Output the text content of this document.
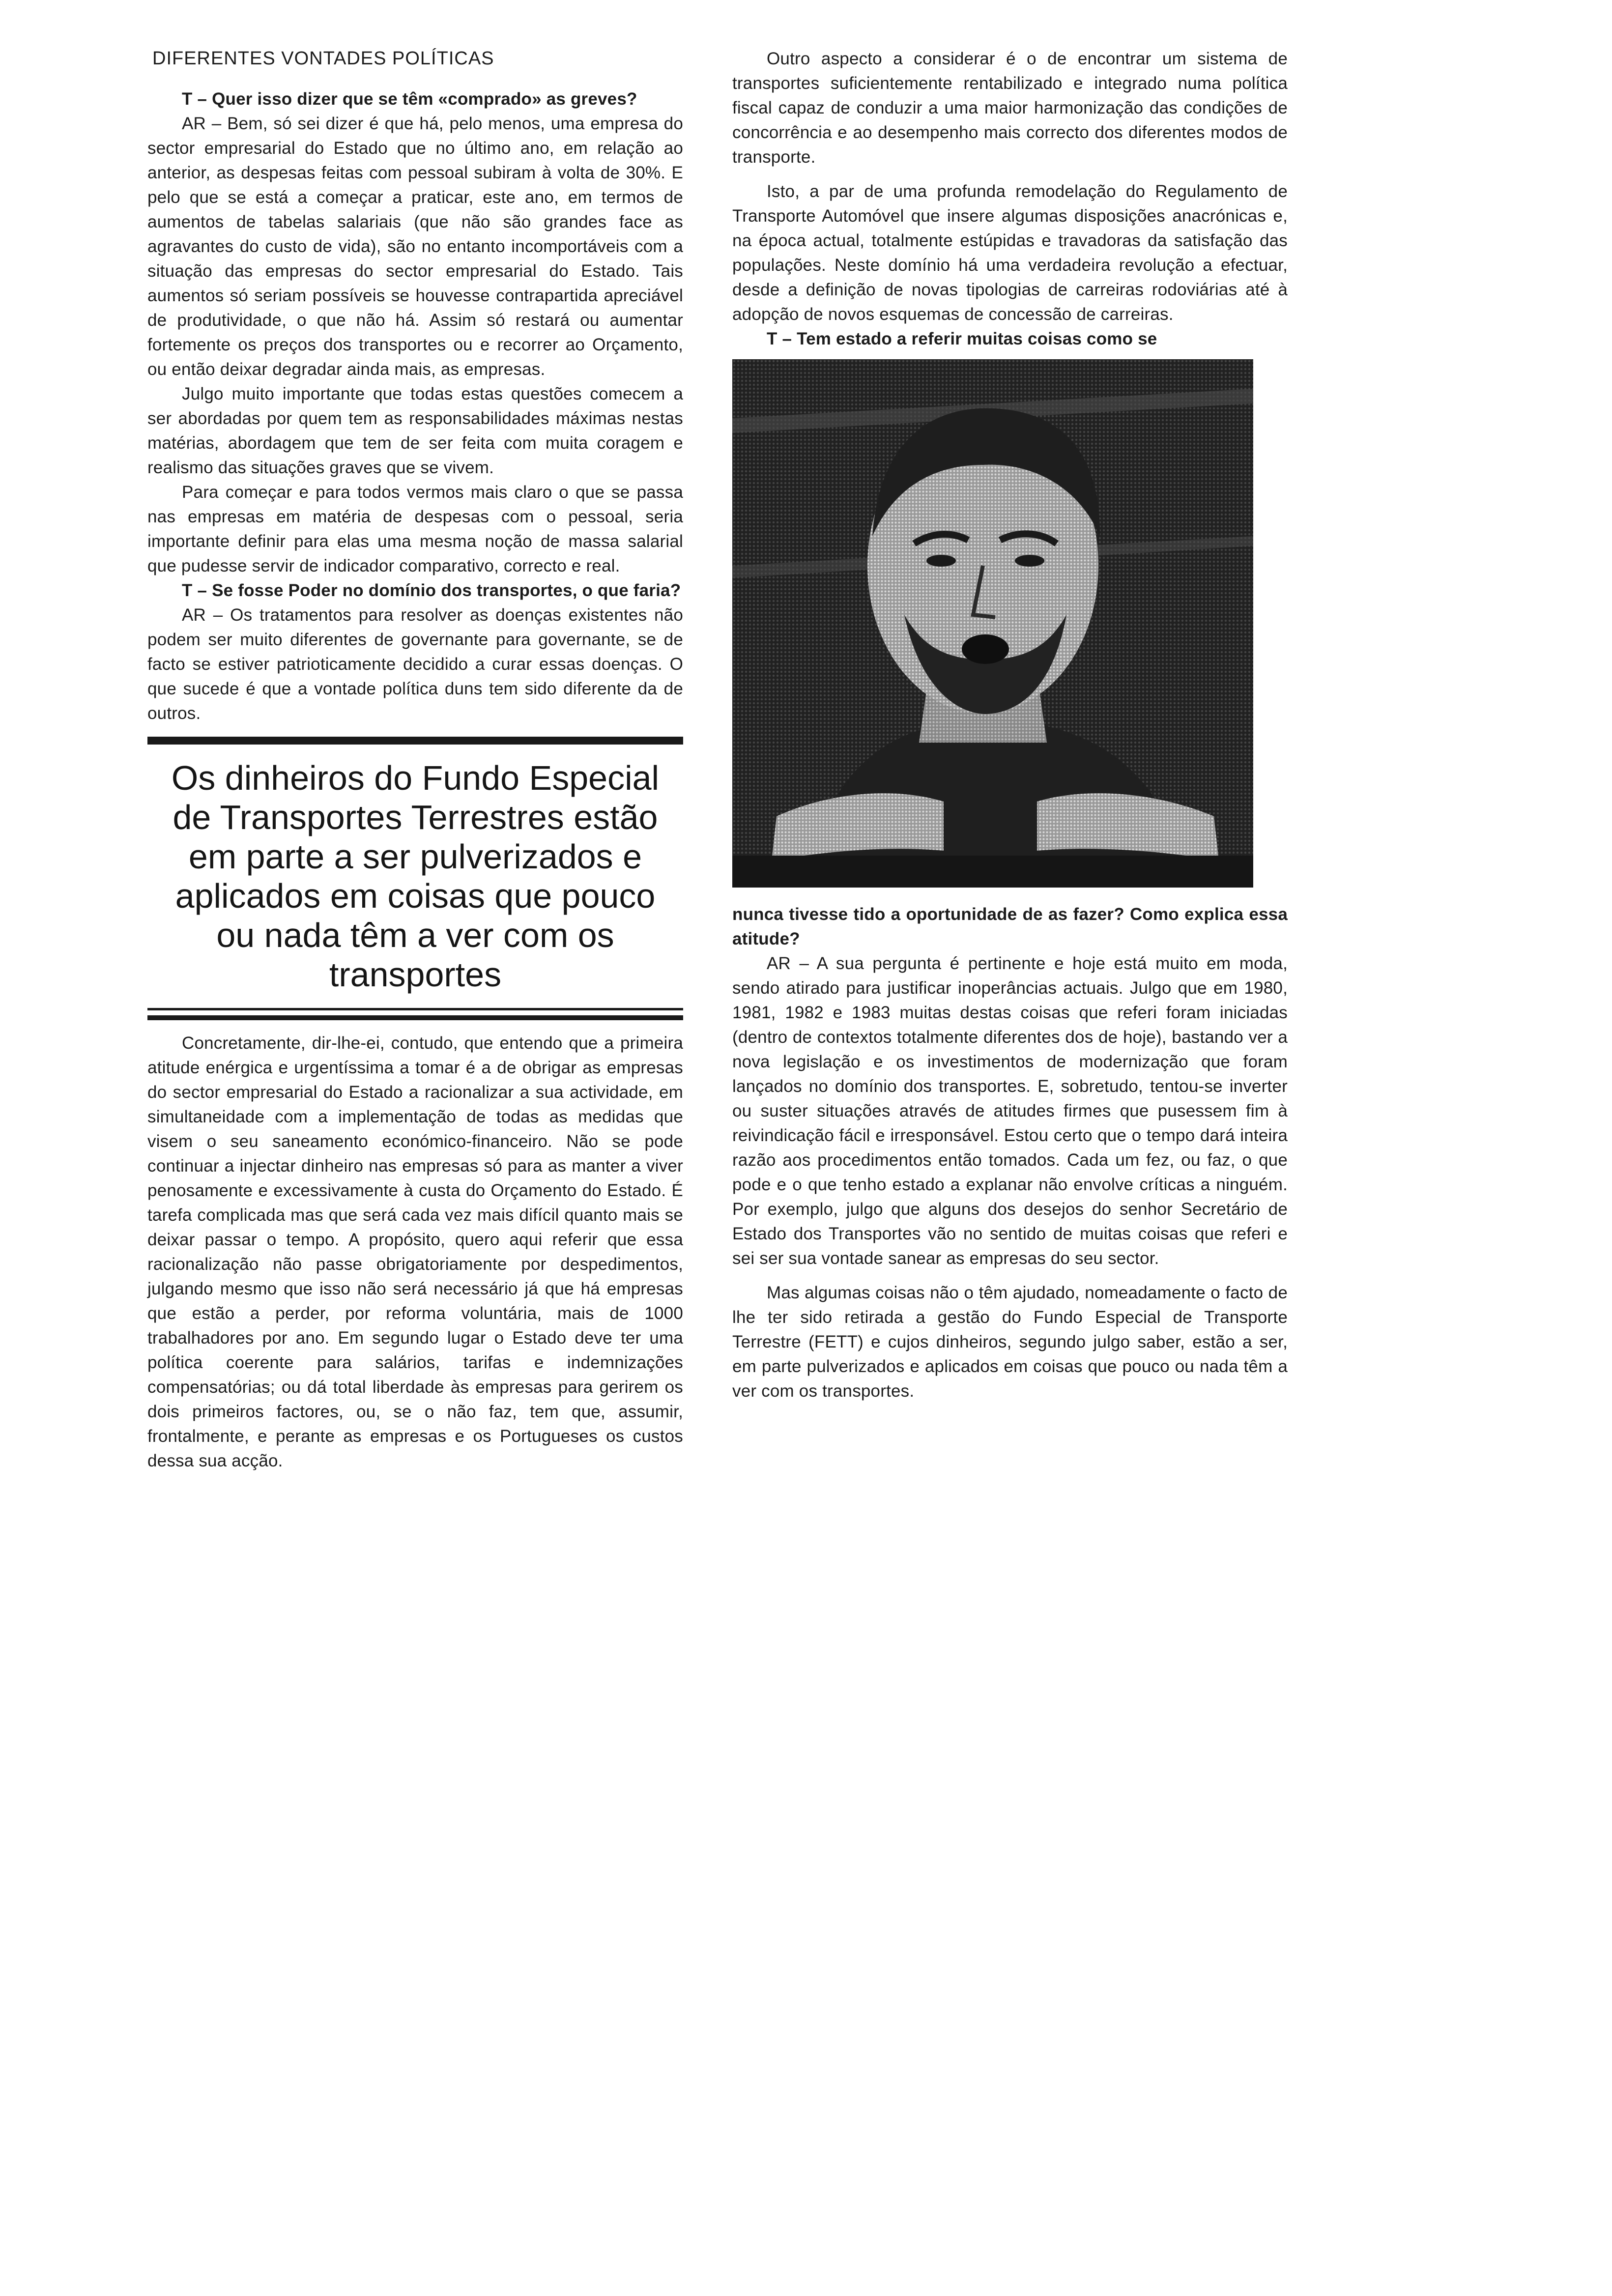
DIFERENTES VONTADES POLÍTICAS

T – Quer isso dizer que se têm «comprado» as greves?

AR – Bem, só sei dizer é que há, pelo menos, uma empresa do sector empresarial do Estado que no último ano, em relação ao anterior, as despesas feitas com pessoal subiram à volta de 30%. E pelo que se está a começar a praticar, este ano, em termos de aumentos de tabelas salariais (que não são grandes face as agravantes do custo de vida), são no entanto incomportáveis com a situação das empresas do sector empresarial do Estado. Tais aumentos só seriam possíveis se houvesse contrapartida apreciável de produtividade, o que não há. Assim só restará ou aumentar fortemente os preços dos transportes ou e recorrer ao Orçamento, ou então deixar degradar ainda mais, as empresas.

Julgo muito importante que todas estas questões comecem a ser abordadas por quem tem as responsabilidades máximas nestas matérias, abordagem que tem de ser feita com muita coragem e realismo das situações graves que se vivem.

Para começar e para todos vermos mais claro o que se passa nas empresas em matéria de despesas com o pessoal, seria importante definir para elas uma mesma noção de massa salarial que pudesse servir de indicador comparativo, correcto e real.

T – Se fosse Poder no domínio dos transportes, o que faria?

AR – Os tratamentos para resolver as doenças existentes não podem ser muito diferentes de governante para governante, se de facto se estiver patrioticamente decidido a curar essas doenças. O que sucede é que a vontade política duns tem sido diferente da de outros.

Os dinheiros do Fundo Especial de Transportes Terrestres estão em parte a ser pulverizados e aplicados em coisas que pouco ou nada têm a ver com os transportes

Concretamente, dir-lhe-ei, contudo, que entendo que a primeira atitude enérgica e urgentíssima a tomar é a de obrigar as empresas do sector empresarial do Estado a racionalizar a sua actividade, em simultaneidade com a implementação de todas as medidas que visem o seu saneamento económico-financeiro. Não se pode continuar a injectar dinheiro nas empresas só para as manter a viver penosamente e excessivamente à custa do Orçamento do Estado. É tarefa complicada mas que será cada vez mais difícil quanto mais se deixar passar o tempo. A propósito, quero aqui referir que essa racionalização não passe obrigatoriamente por despedimentos, julgando mesmo que isso não será necessário já que há empresas que estão a perder, por reforma voluntária, mais de 1000 trabalhadores por ano. Em segundo lugar o Estado deve ter uma política coerente para salários, tarifas e indemnizações compensatórias; ou dá total liberdade às empresas para gerirem os dois primeiros factores, ou, se o não faz, tem que, assumir, frontalmente, e perante as empresas e os Portugueses os custos dessa sua acção.

Outro aspecto a considerar é o de encontrar um sistema de transportes suficientemente rentabilizado e integrado numa política fiscal capaz de conduzir a uma maior harmonização das condições de concorrência e ao desempenho mais correcto dos diferentes modos de transporte.

Isto, a par de uma profunda remodelação do Regulamento de Transporte Automóvel que insere algumas disposições anacrónicas e, na época actual, totalmente estúpidas e travadoras da satisfação das populações. Neste domínio há uma verdadeira revolução a efectuar, desde a definição de novas tipologias de carreiras rodoviárias até à adopção de novos esquemas de concessão de carreiras.

T – Tem estado a referir muitas coisas como se

nunca tivesse tido a oportunidade de as fazer? Como explica essa atitude?

AR – A sua pergunta é pertinente e hoje está muito em moda, sendo atirado para justificar inoperâncias actuais. Julgo que em 1980, 1981, 1982 e 1983 muitas destas coisas que referi foram iniciadas (dentro de contextos totalmente diferentes dos de hoje), bastando ver a nova legislação e os investimentos de modernização que foram lançados no domínio dos transportes. E, sobretudo, tentou-se inverter ou suster situações através de atitudes firmes que pusessem fim à reivindicação fácil e irresponsável. Estou certo que o tempo dará inteira razão aos procedimentos então tomados. Cada um fez, ou faz, o que pode e o que tenho estado a explanar não envolve críticas a ninguém. Por exemplo, julgo que alguns dos desejos do senhor Secretário de Estado dos Transportes vão no sentido de muitas coisas que referi e sei ser sua vontade sanear as empresas do seu sector.

Mas algumas coisas não o têm ajudado, nomeadamente o facto de lhe ter sido retirada a gestão do Fundo Especial de Transporte Terrestre (FETT) e cujos dinheiros, segundo julgo saber, estão a ser, em parte pulverizados e aplicados em coisas que pouco ou nada têm a ver com os transportes.
